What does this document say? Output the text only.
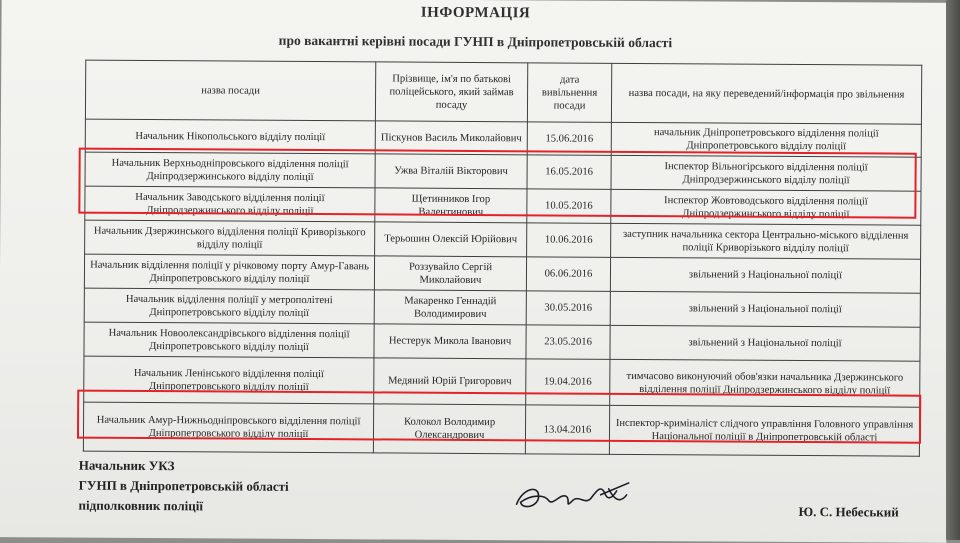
ІНФОРМАЦІЯ
про вакантні керівні посади ГУНП в Дніпропетровській області
назва посади	Прізвище, ім'я по батькові поліцейського, який займав посаду	дата вивільнення посади	назва посади, на яку переведений/інформація про звільнення
Начальник Нікопольського відділу поліції	Піскунов Василь Миколайович	15.06.2016	начальник Дніпропетровського відділення поліції Дніпропетровського відділу поліції
Начальник Верхньодніпровського відділення поліції Дніпродзержинського відділу поліції	Ужва Віталій Вікторович	16.05.2016	Інспектор Вільногірського відділення поліції Дніпродзержинського відділу поліції
Начальник Заводського відділення поліції Дніпродзержинського відділу поліції	Щетинников Ігор Валентинович	10.05.2016	Інспектор Жовтоводського відділення поліції Дніпродзержинського відділу поліції
Начальник Дзержинського відділення поліції Криворізького відділу поліції	Терьошин Олексій Юрійович	10.06.2016	заступник начальника сектора Центрально-міського відділення поліції Криворізького відділу поліції
Начальник відділення поліції у річковому порту Амур-Гавань Дніпропетровського відділу поліції	Роззувайло Сергій Миколайович	06.06.2016	звільнений з Національної поліції
Начальник відділення поліції у метрополітені Дніпропетровського відділу поліції	Макаренко Геннадій Володимирович	30.05.2016	звільнений з Національної поліції
Начальник Новоолександрівського відділення поліції Дніпропетровського відділу поліції	Нестерук Микола Іванович	23.05.2016	звільнений з Національної поліції
Начальник Ленінського відділення поліції Дніпропетровського відділу поліції	Медяний Юрій Григорович	19.04.2016	тимчасово виконуючий обов'язки начальника Дзержинського відділення поліції Дніпродзержинського відділу поліції
Начальник Амур-Нижньодніпровського відділення поліції Дніпропетровського відділу поліції	Колокол Володимир Олександрович	13.04.2016	Інспектор-криміналіст слідчого управління Головного управління Національної поліції в Дніпропетровській області
Начальник УКЗ
ГУНП в Дніпропетровській області
підполковник поліції	Ю. С. Небеський
